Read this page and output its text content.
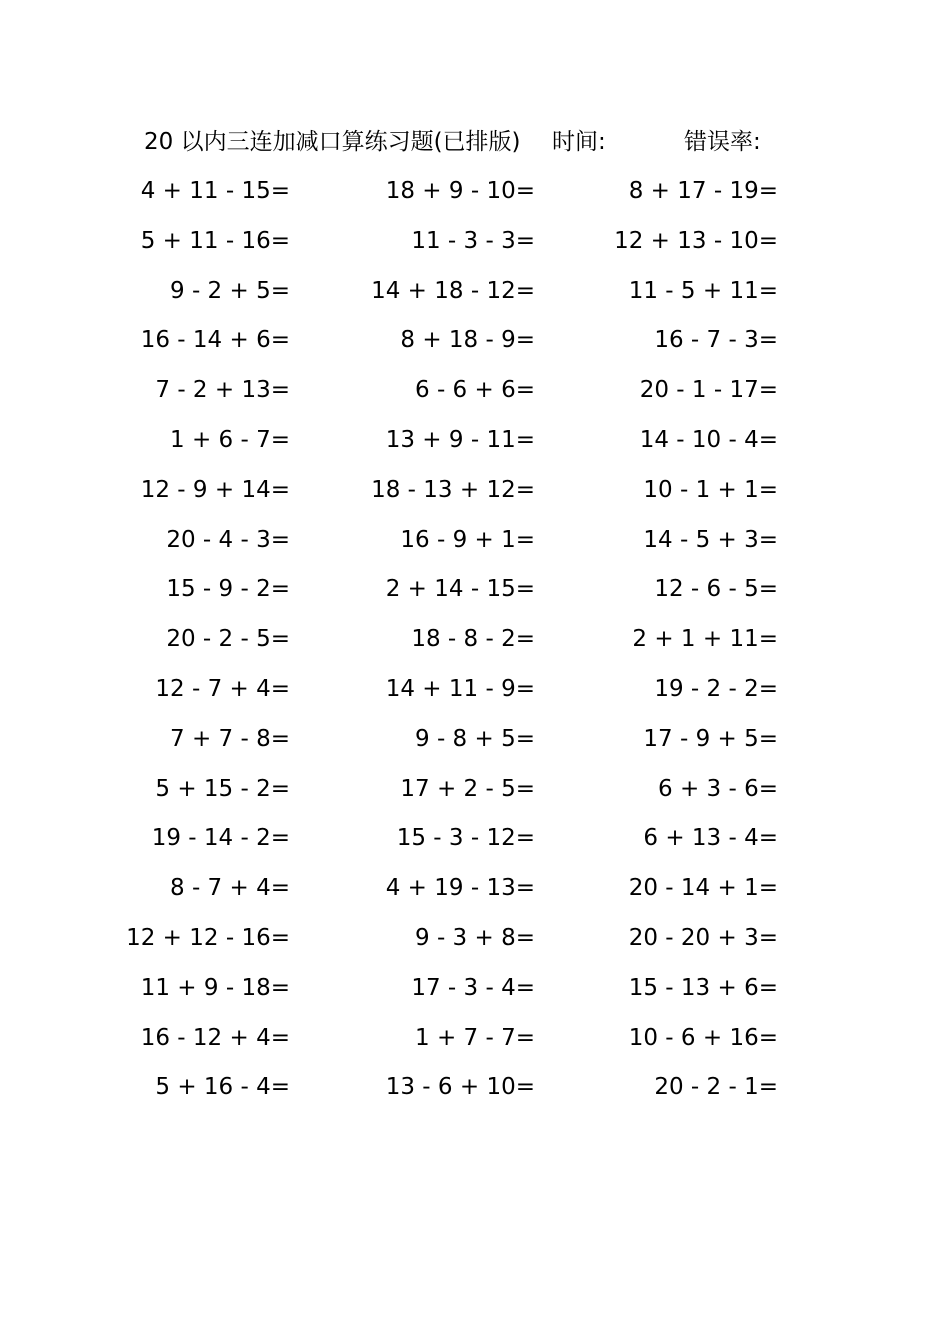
20 以内三连加减口算练习题(已排版) 时间:	错误率:
4 + 11 - 15=	18 + 9 - 10=	8 + 17 - 19=
5 + 11 - 16=	11 - 3 - 3=	12 + 13 - 10=
9 - 2 + 5=	14 + 18 - 12=	11 - 5 + 11=
16 - 14 + 6=	8 + 18 - 9=	16 - 7 - 3=
7 - 2 + 13=	6 - 6 + 6=	20 - 1 - 17=
1 + 6 - 7=	13 + 9 - 11=	14 - 10 - 4=
12 - 9 + 14=	18 - 13 + 12=	10 - 1 + 1=
20 - 4 - 3=	16 - 9 + 1=	14 - 5 + 3=
15 - 9 - 2=	2 + 14 - 15=	12 - 6 - 5=
20 - 2 - 5=	18 - 8 - 2=	2 + 1 + 11=
12 - 7 + 4=	14 + 11 - 9=	19 - 2 - 2=
7 + 7 - 8=	9 - 8 + 5=	17 - 9 + 5=
5 + 15 - 2=	17 + 2 - 5=	6 + 3 - 6=
19 - 14 - 2=	15 - 3 - 12=	6 + 13 - 4=
8 - 7 + 4=	4 + 19 - 13=	20 - 14 + 1=
12 + 12 - 16=	9 - 3 + 8=	20 - 20 + 3=
11 + 9 - 18=	17 - 3 - 4=	15 - 13 + 6=
16 - 12 + 4=	1 + 7 - 7=	10 - 6 + 16=
5 + 16 - 4=	13 - 6 + 10=	20 - 2 - 1=
